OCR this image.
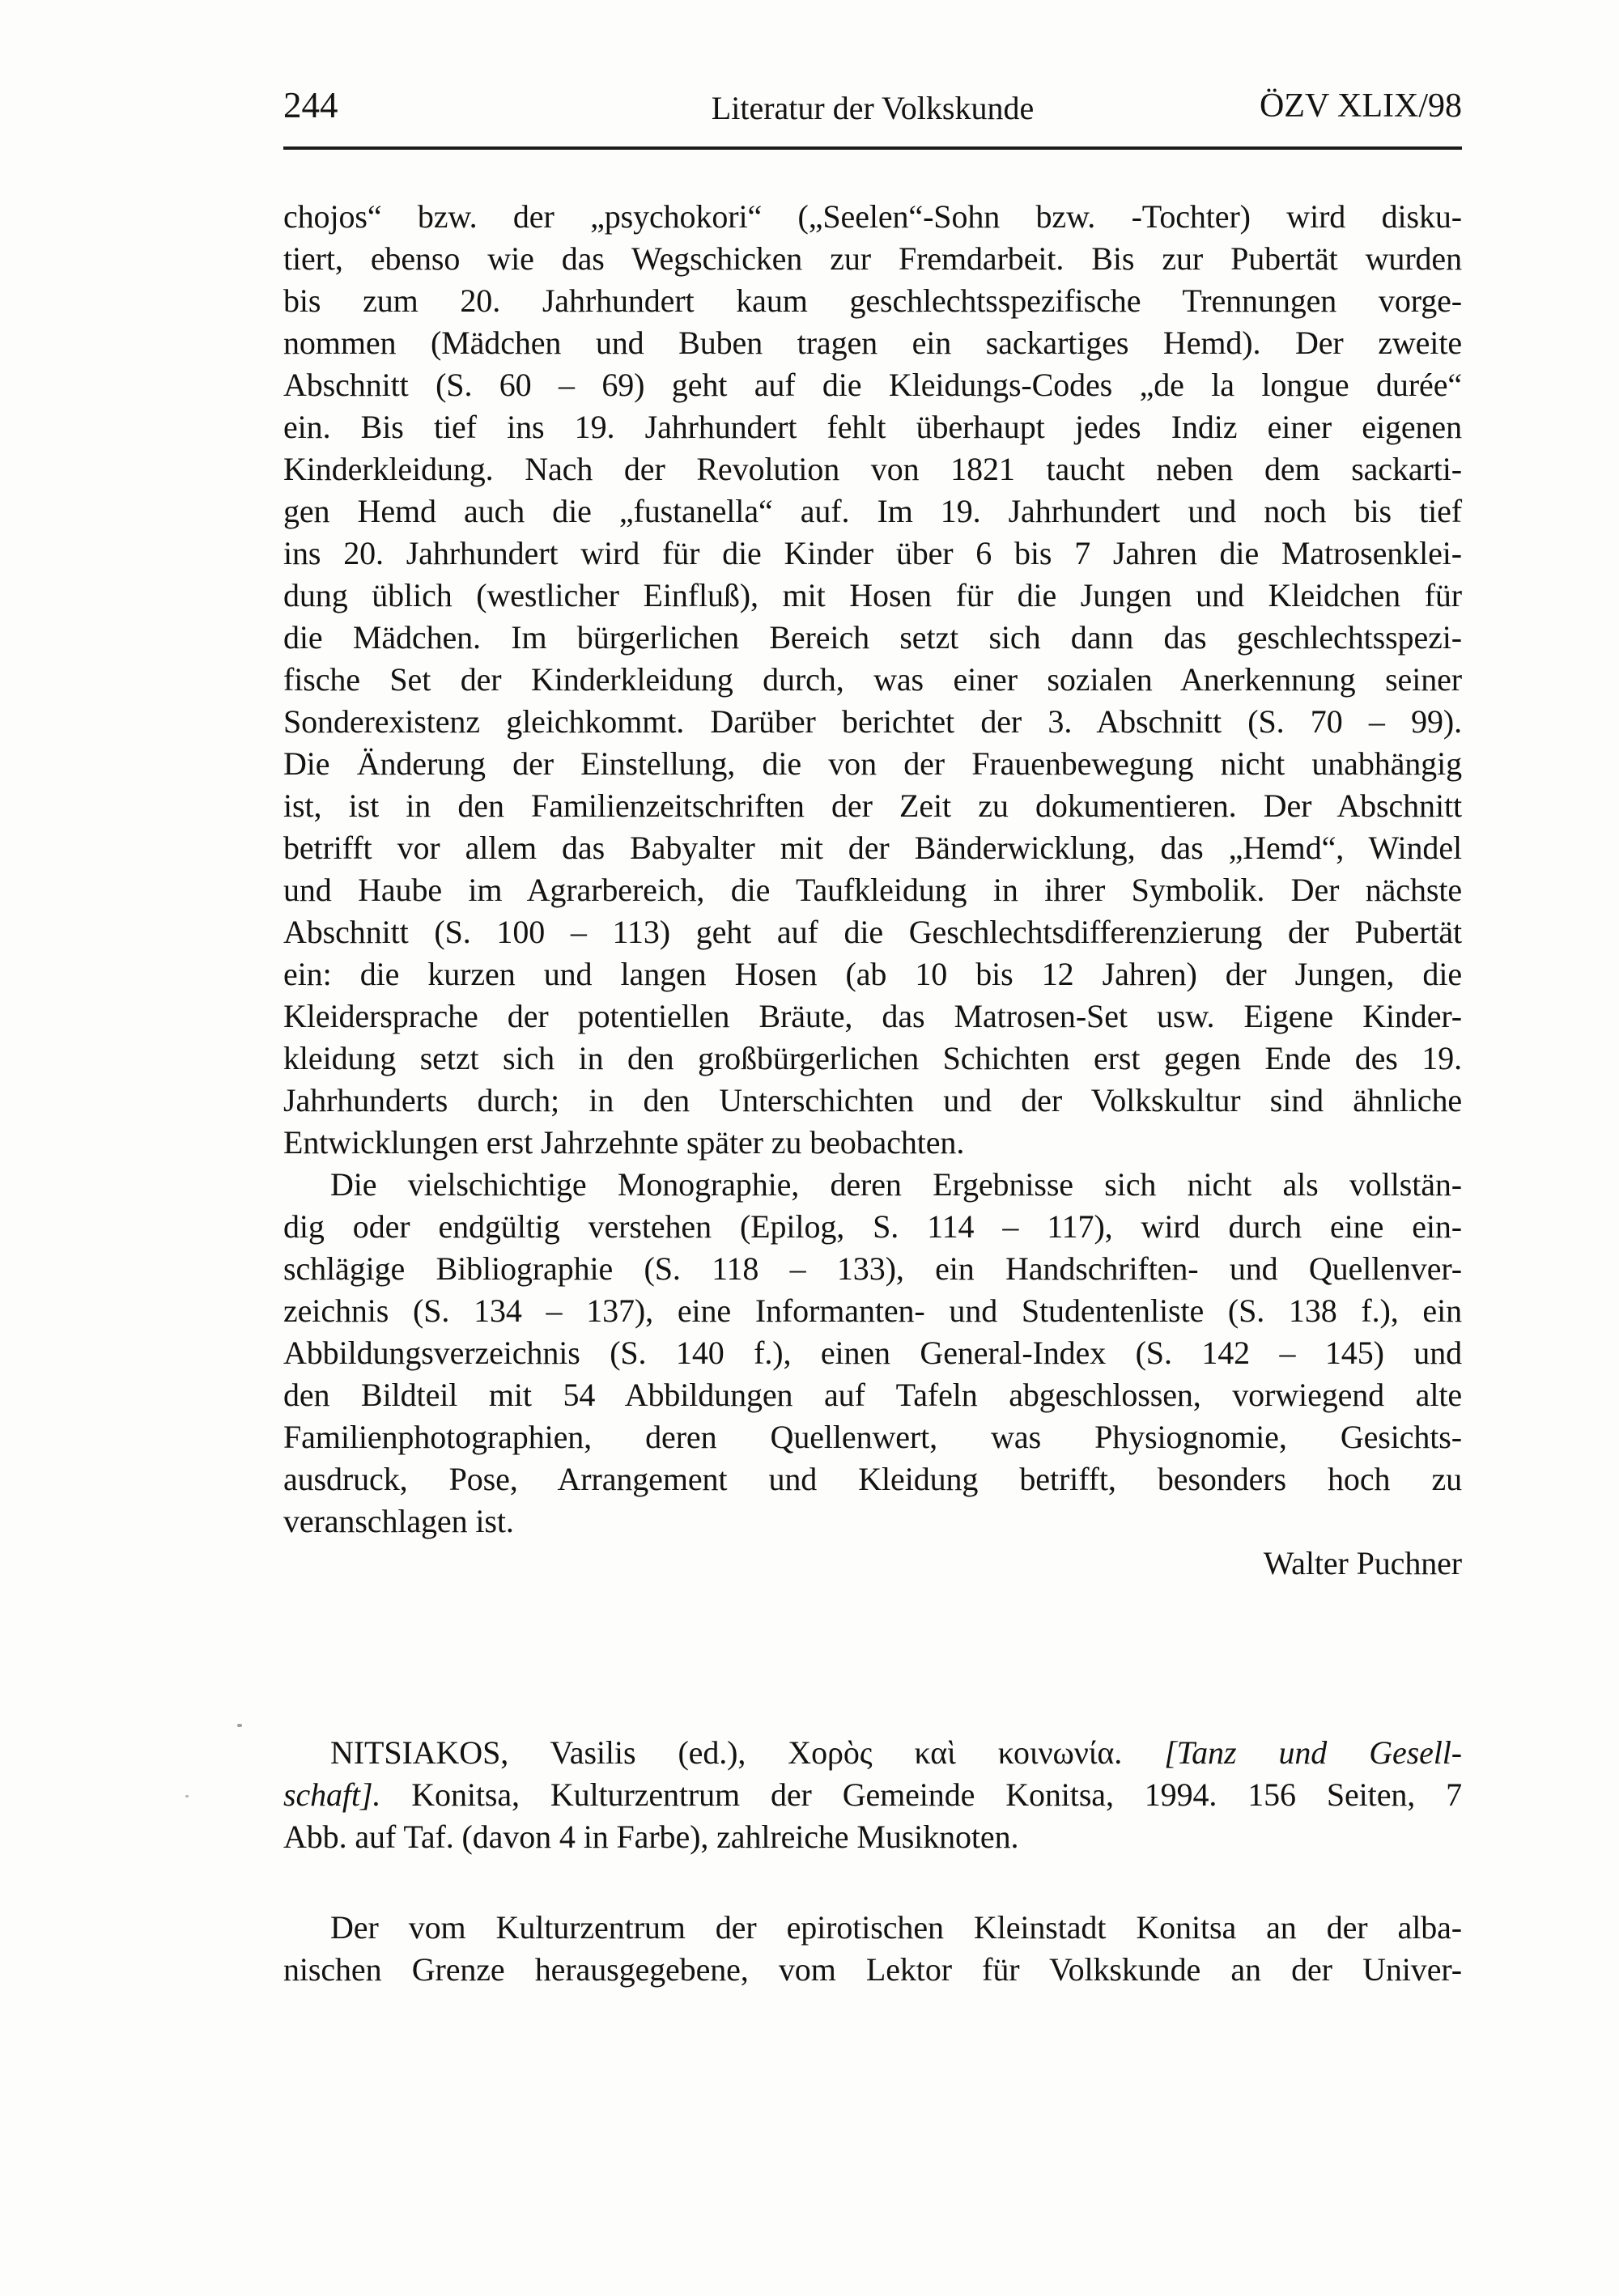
244	Literatur der Volkskunde	ÖZV XLIX/98
chojos“ bzw. der „psychokori“ („Seelen“-Sohn bzw. -Tochter) wird disku-
tiert, ebenso wie das Wegschicken zur Fremdarbeit. Bis zur Pubertät wurden
bis zum 20. Jahrhundert kaum geschlechtsspezifische Trennungen vorge-
nommen (Mädchen und Buben tragen ein sackartiges Hemd). Der zweite
Abschnitt (S. 60 – 69) geht auf die Kleidungs-Codes „de la longue durée“
ein. Bis tief ins 19. Jahrhundert fehlt überhaupt jedes Indiz einer eigenen
Kinderkleidung. Nach der Revolution von 1821 taucht neben dem sackarti-
gen Hemd auch die „fustanella“ auf. Im 19. Jahrhundert und noch bis tief
ins 20. Jahrhundert wird für die Kinder über 6 bis 7 Jahren die Matrosenklei-
dung üblich (westlicher Einfluß), mit Hosen für die Jungen und Kleidchen für
die Mädchen. Im bürgerlichen Bereich setzt sich dann das geschlechtsspezi-
fische Set der Kinderkleidung durch, was einer sozialen Anerkennung seiner
Sonderexistenz gleichkommt. Darüber berichtet der 3. Abschnitt (S. 70 – 99).
Die Änderung der Einstellung, die von der Frauenbewegung nicht unabhängig
ist, ist in den Familienzeitschriften der Zeit zu dokumentieren. Der Abschnitt
betrifft vor allem das Babyalter mit der Bänderwicklung, das „Hemd“, Windel
und Haube im Agrarbereich, die Taufkleidung in ihrer Symbolik. Der nächste
Abschnitt (S. 100 – 113) geht auf die Geschlechtsdifferenzierung der Pubertät
ein: die kurzen und langen Hosen (ab 10 bis 12 Jahren) der Jungen, die
Kleidersprache der potentiellen Bräute, das Matrosen-Set usw. Eigene Kinder-
kleidung setzt sich in den großbürgerlichen Schichten erst gegen Ende des 19.
Jahrhunderts durch; in den Unterschichten und der Volkskultur sind ähnliche
Entwicklungen erst Jahrzehnte später zu beobachten.
Die vielschichtige Monographie, deren Ergebnisse sich nicht als vollstän-
dig oder endgültig verstehen (Epilog, S. 114 – 117), wird durch eine ein-
schlägige Bibliographie (S. 118 – 133), ein Handschriften- und Quellenver-
zeichnis (S. 134 – 137), eine Informanten- und Studentenliste (S. 138 f.), ein
Abbildungsverzeichnis (S. 140 f.), einen General-Index (S. 142 – 145) und
den Bildteil mit 54 Abbildungen auf Tafeln abgeschlossen, vorwiegend alte
Familienphotographien, deren Quellenwert, was Physiognomie, Gesichts-
ausdruck, Pose, Arrangement und Kleidung betrifft, besonders hoch zu
veranschlagen ist.
Walter Puchner
NITSIAKOS, Vasilis (ed.), Χορὸς καὶ κοινωνία. [Tanz und Gesell-
schaft]. Konitsa, Kulturzentrum der Gemeinde Konitsa, 1994. 156 Seiten, 7
Abb. auf Taf. (davon 4 in Farbe), zahlreiche Musiknoten.
Der vom Kulturzentrum der epirotischen Kleinstadt Konitsa an der alba-
nischen Grenze herausgegebene, vom Lektor für Volkskunde an der Univer-
